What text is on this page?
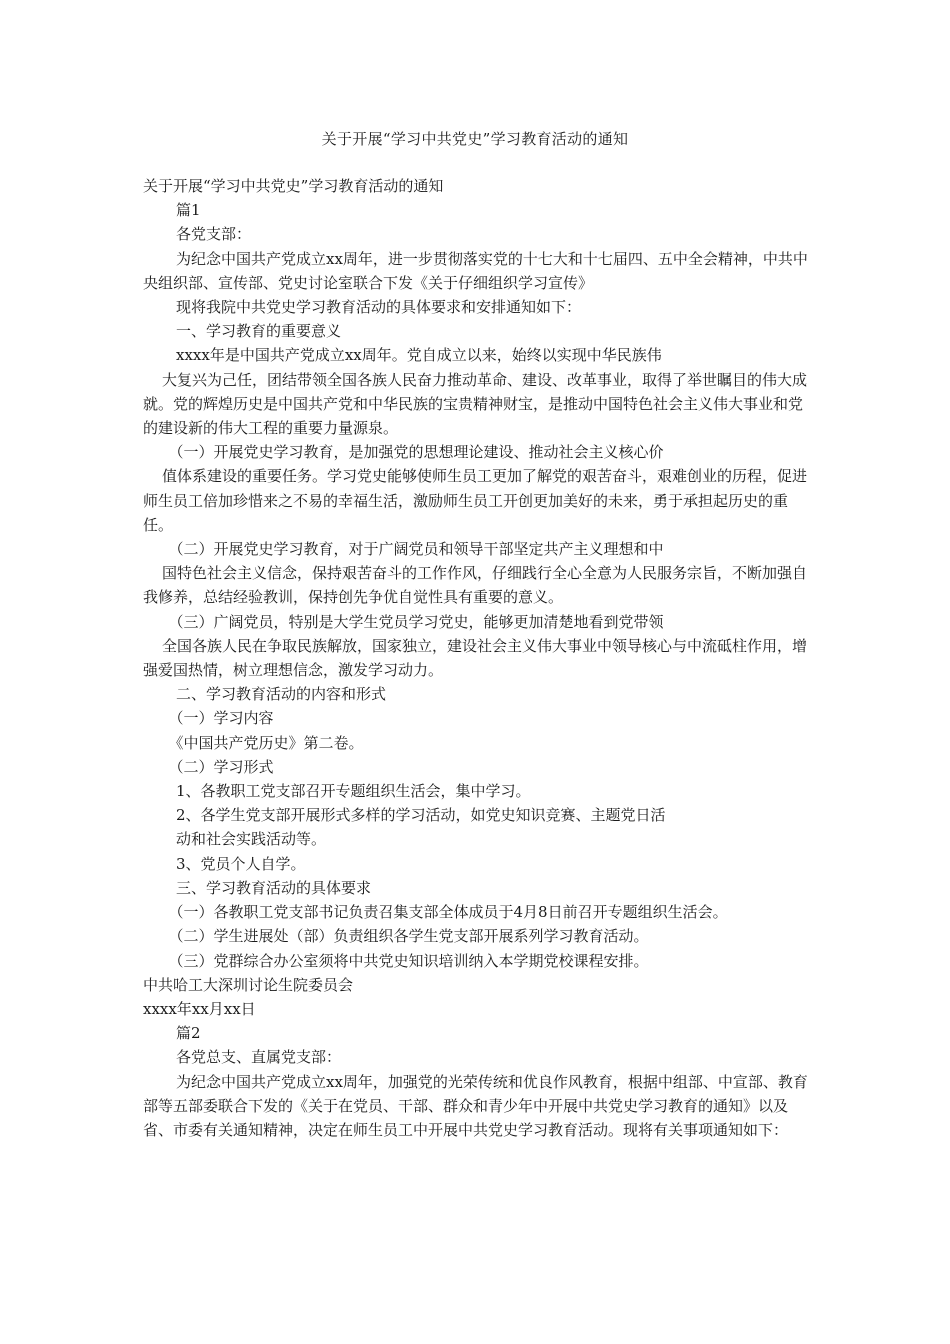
关于开展“学习中共党史”学习教育活动的通知

关于开展“学习中共党史”学习教育活动的通知

　篇1

　各党支部：

　为纪念中国共产党成立xx周年，进一步贯彻落实党的十七大和十七届四、五中全会精神，中共中央组织部、宣传部、党史讨论室联合下发《关于仔细组织学习宣传》

　现将我院中共党史学习教育活动的具体要求和安排通知如下：

　一、学习教育的重要意义

　xxxx年是中国共产党成立xx周年。党自成立以来，始终以实现中华民族伟

　大复兴为己任，团结带领全国各族人民奋力推动革命、建设、改革事业，取得了举世瞩目的伟大成就。党的辉煌历史是中国共产党和中华民族的宝贵精神财宝，是推动中国特色社会主义伟大事业和党的建设新的伟大工程的重要力量源泉。

　（一）开展党史学习教育，是加强党的思想理论建设、推动社会主义核心价

　值体系建设的重要任务。学习党史能够使师生员工更加了解党的艰苦奋斗，艰难创业的历程，促进师生员工倍加珍惜来之不易的幸福生活，激励师生员工开创更加美好的未来，勇于承担起历史的重任。

　（二）开展党史学习教育，对于广阔党员和领导干部坚定共产主义理想和中

　国特色社会主义信念，保持艰苦奋斗的工作作风，仔细践行全心全意为人民服务宗旨，不断加强自我修养，总结经验教训，保持创先争优自觉性具有重要的意义。

　（三）广阔党员，特别是大学生党员学习党史，能够更加清楚地看到党带领

　全国各族人民在争取民族解放，国家独立，建设社会主义伟大事业中领导核心与中流砥柱作用，增强爱国热情，树立理想信念，激发学习动力。

　二、学习教育活动的内容和形式

　（一）学习内容

　《中国共产党历史》第二卷。

　（二）学习形式

　1、各教职工党支部召开专题组织生活会，集中学习。

　2、各学生党支部开展形式多样的学习活动，如党史知识竞赛、主题党日活

　动和社会实践活动等。

　3、党员个人自学。

　三、学习教育活动的具体要求

　（一）各教职工党支部书记负责召集支部全体成员于4月8日前召开专题组织生活会。

　（二）学生进展处（部）负责组织各学生党支部开展系列学习教育活动。

　（三）党群综合办公室须将中共党史知识培训纳入本学期党校课程安排。

中共哈工大深圳讨论生院委员会

xxxx年xx月xx日

　篇2

　各党总支、直属党支部：

　为纪念中国共产党成立xx周年，加强党的光荣传统和优良作风教育，根据中组部、中宣部、教育部等五部委联合下发的《关于在党员、干部、群众和青少年中开展中共党史学习教育的通知》以及省、市委有关通知精神，决定在师生员工中开展中共党史学习教育活动。现将有关事项通知如下：
